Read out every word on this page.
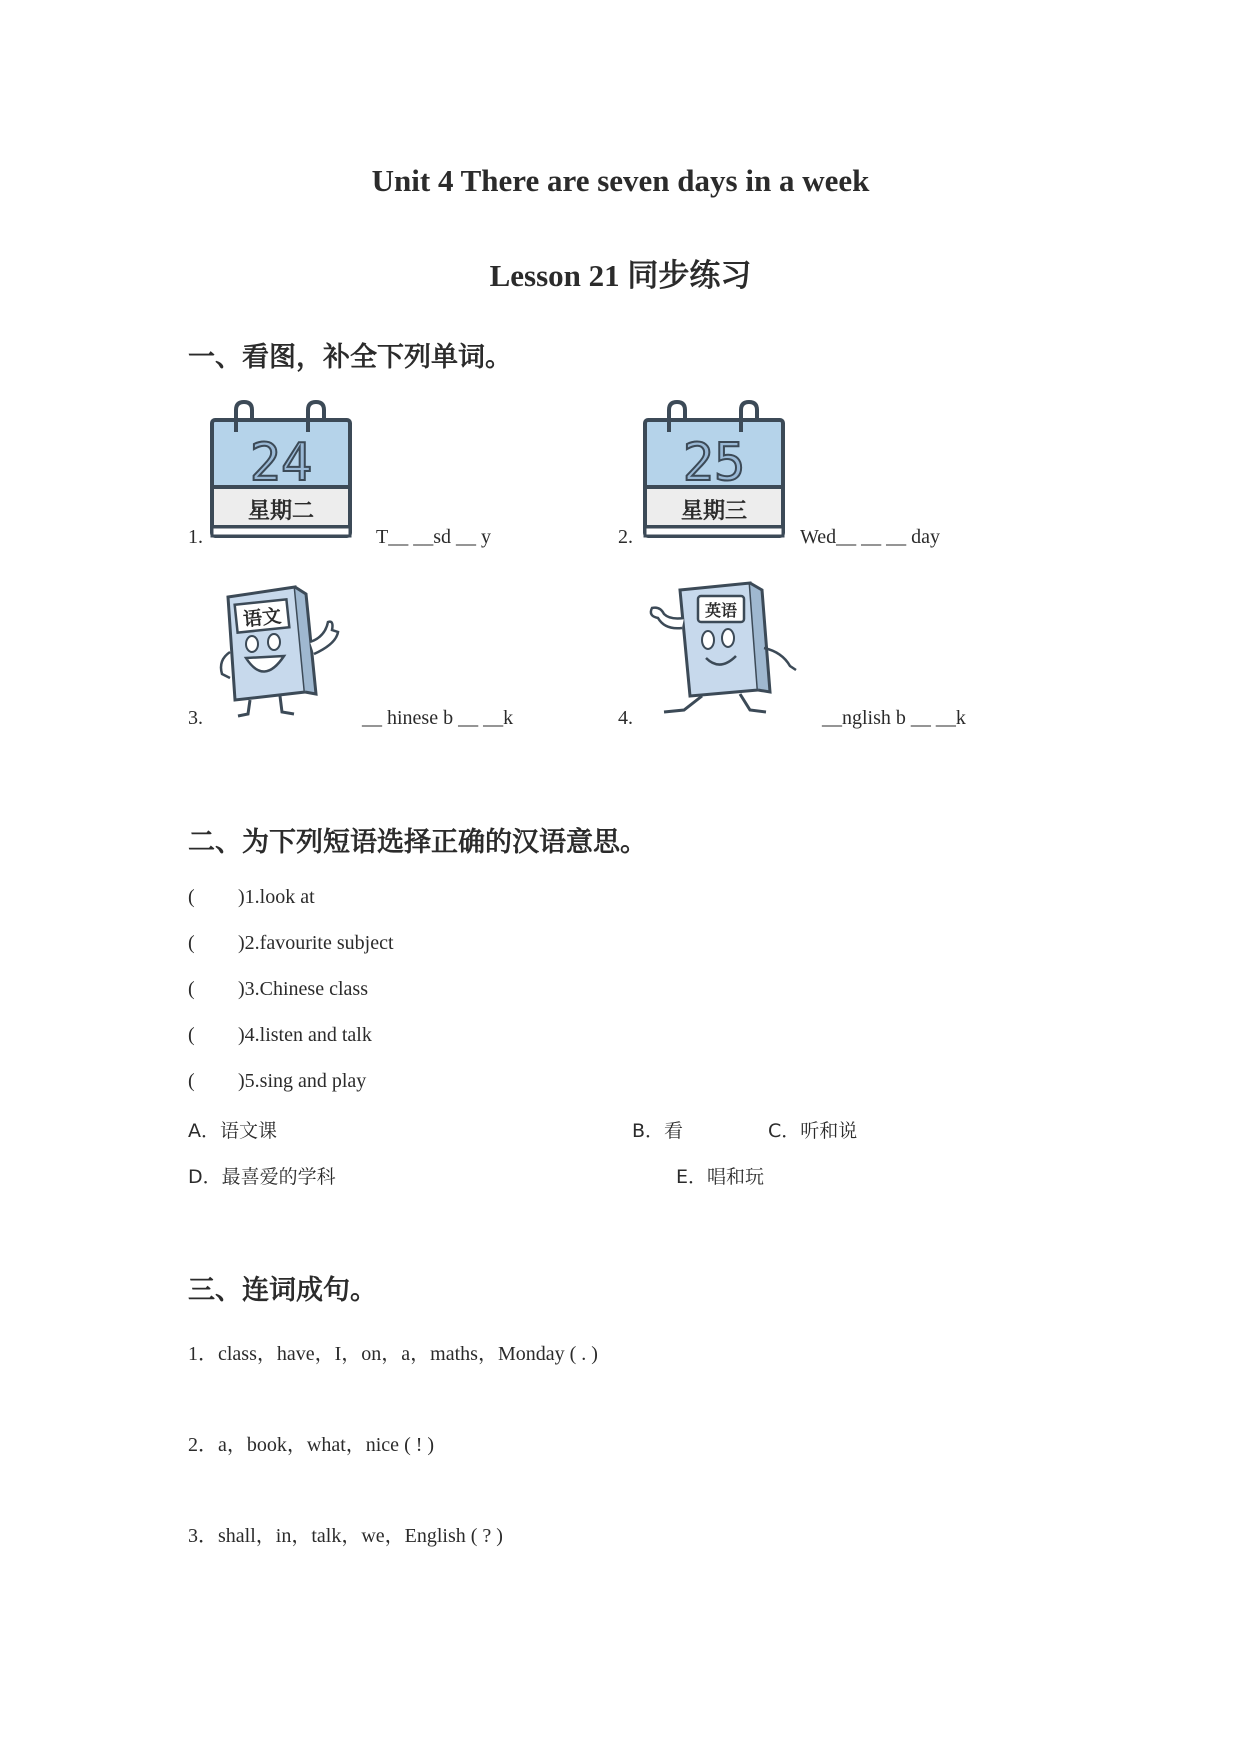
Unit 4 There are seven days in a week
Lesson 21 同步练习
一、看图，补全下列单词。
1.
24
星期二
T__ __sd __ y	2.
25
星期三
Wed__ __ __ day
3.
语文
__ hinese b __ __k	4.
英语
__nglish b __ __k
二、为下列短语选择正确的汉语意思。
( )1.look at
( )2.favourite subject
( )3.Chinese class
( )4.listen and talk
( )5.sing and play
A．语文课	B．看	C．听和说
D．最喜爱的学科	E．唱和玩
三、连词成句。
1．class，have，I，on，a，maths，Monday ( . )
2．a，book，what，nice ( ! )
3．shall，in，talk，we，English ( ? )
